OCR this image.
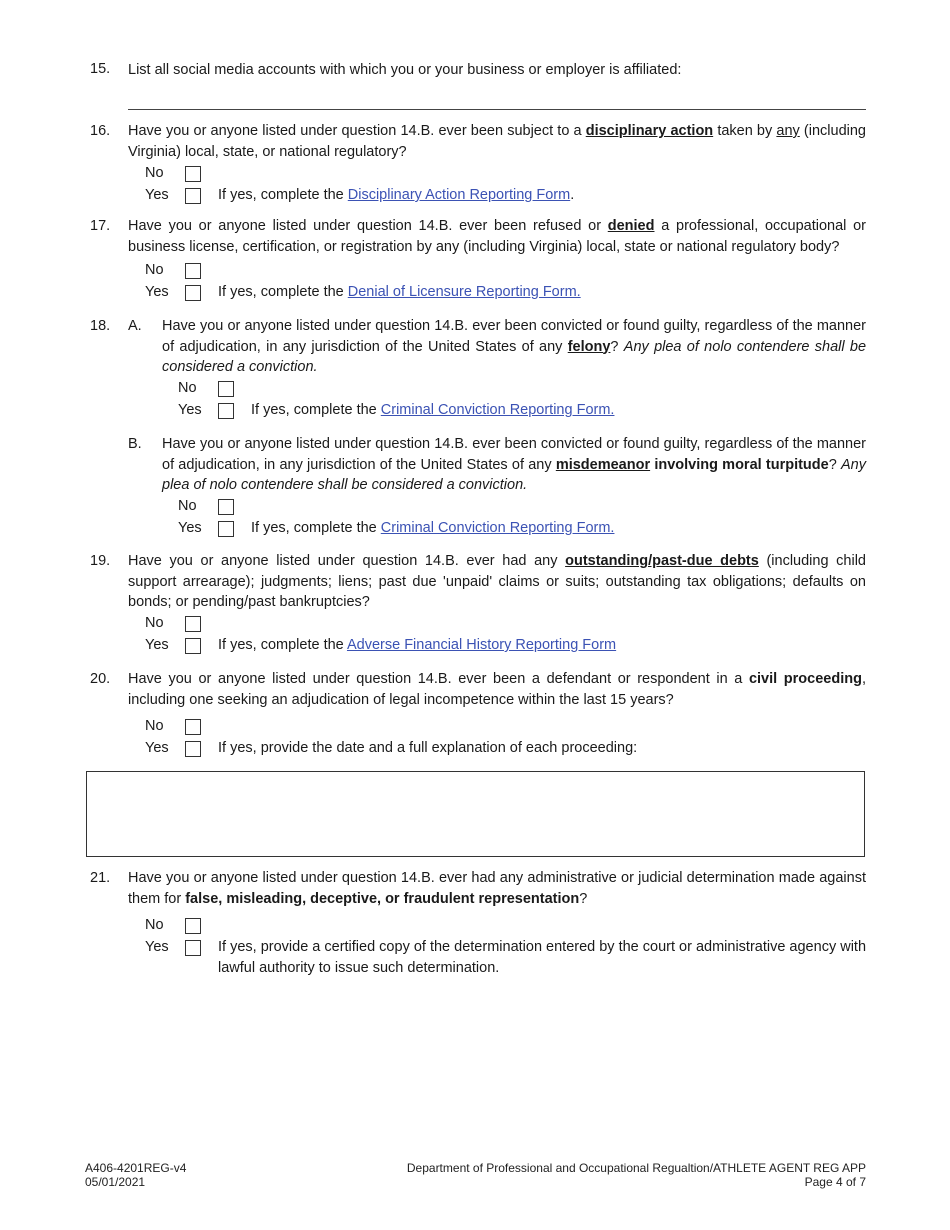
15. List all social media accounts with which you or your business or employer is affiliated:
16. Have you or anyone listed under question 14.B. ever been subject to a disciplinary action taken by any (including Virginia) local, state, or national regulatory?
No
Yes	If yes, complete the Disciplinary Action Reporting Form.
17. Have you or anyone listed under question 14.B. ever been refused or denied a professional, occupational or business license, certification, or registration by any (including Virginia) local, state or national regulatory body?
No
Yes	If yes, complete the Denial of Licensure Reporting Form.
18. A. Have you or anyone listed under question 14.B. ever been convicted or found guilty, regardless of the manner of adjudication, in any jurisdiction of the United States of any felony? Any plea of nolo contendere shall be considered a conviction.
No
Yes	If yes, complete the Criminal Conviction Reporting Form.
B. Have you or anyone listed under question 14.B. ever been convicted or found guilty, regardless of the manner of adjudication, in any jurisdiction of the United States of any misdemeanor involving moral turpitude? Any plea of nolo contendere shall be considered a conviction.
No
Yes	If yes, complete the Criminal Conviction Reporting Form.
19. Have you or anyone listed under question 14.B. ever had any outstanding/past-due debts (including child support arrearage); judgments; liens; past due 'unpaid' claims or suits; outstanding tax obligations; defaults on bonds; or pending/past bankruptcies?
No
Yes	If yes, complete the Adverse Financial History Reporting Form
20. Have you or anyone listed under question 14.B. ever been a defendant or respondent in a civil proceeding, including one seeking an adjudication of legal incompetence within the last 15 years?
No
Yes	If yes, provide the date and a full explanation of each proceeding:
21. Have you or anyone listed under question 14.B. ever had any administrative or judicial determination made against them for false, misleading, deceptive, or fraudulent representation?
No
Yes	If yes, provide a certified copy of the determination entered by the court or administrative agency with lawful authority to issue such determination.
A406-4201REG-v4
05/01/2021
Department of Professional and Occupational Regualtion/ATHLETE AGENT REG APP
Page 4 of 7
